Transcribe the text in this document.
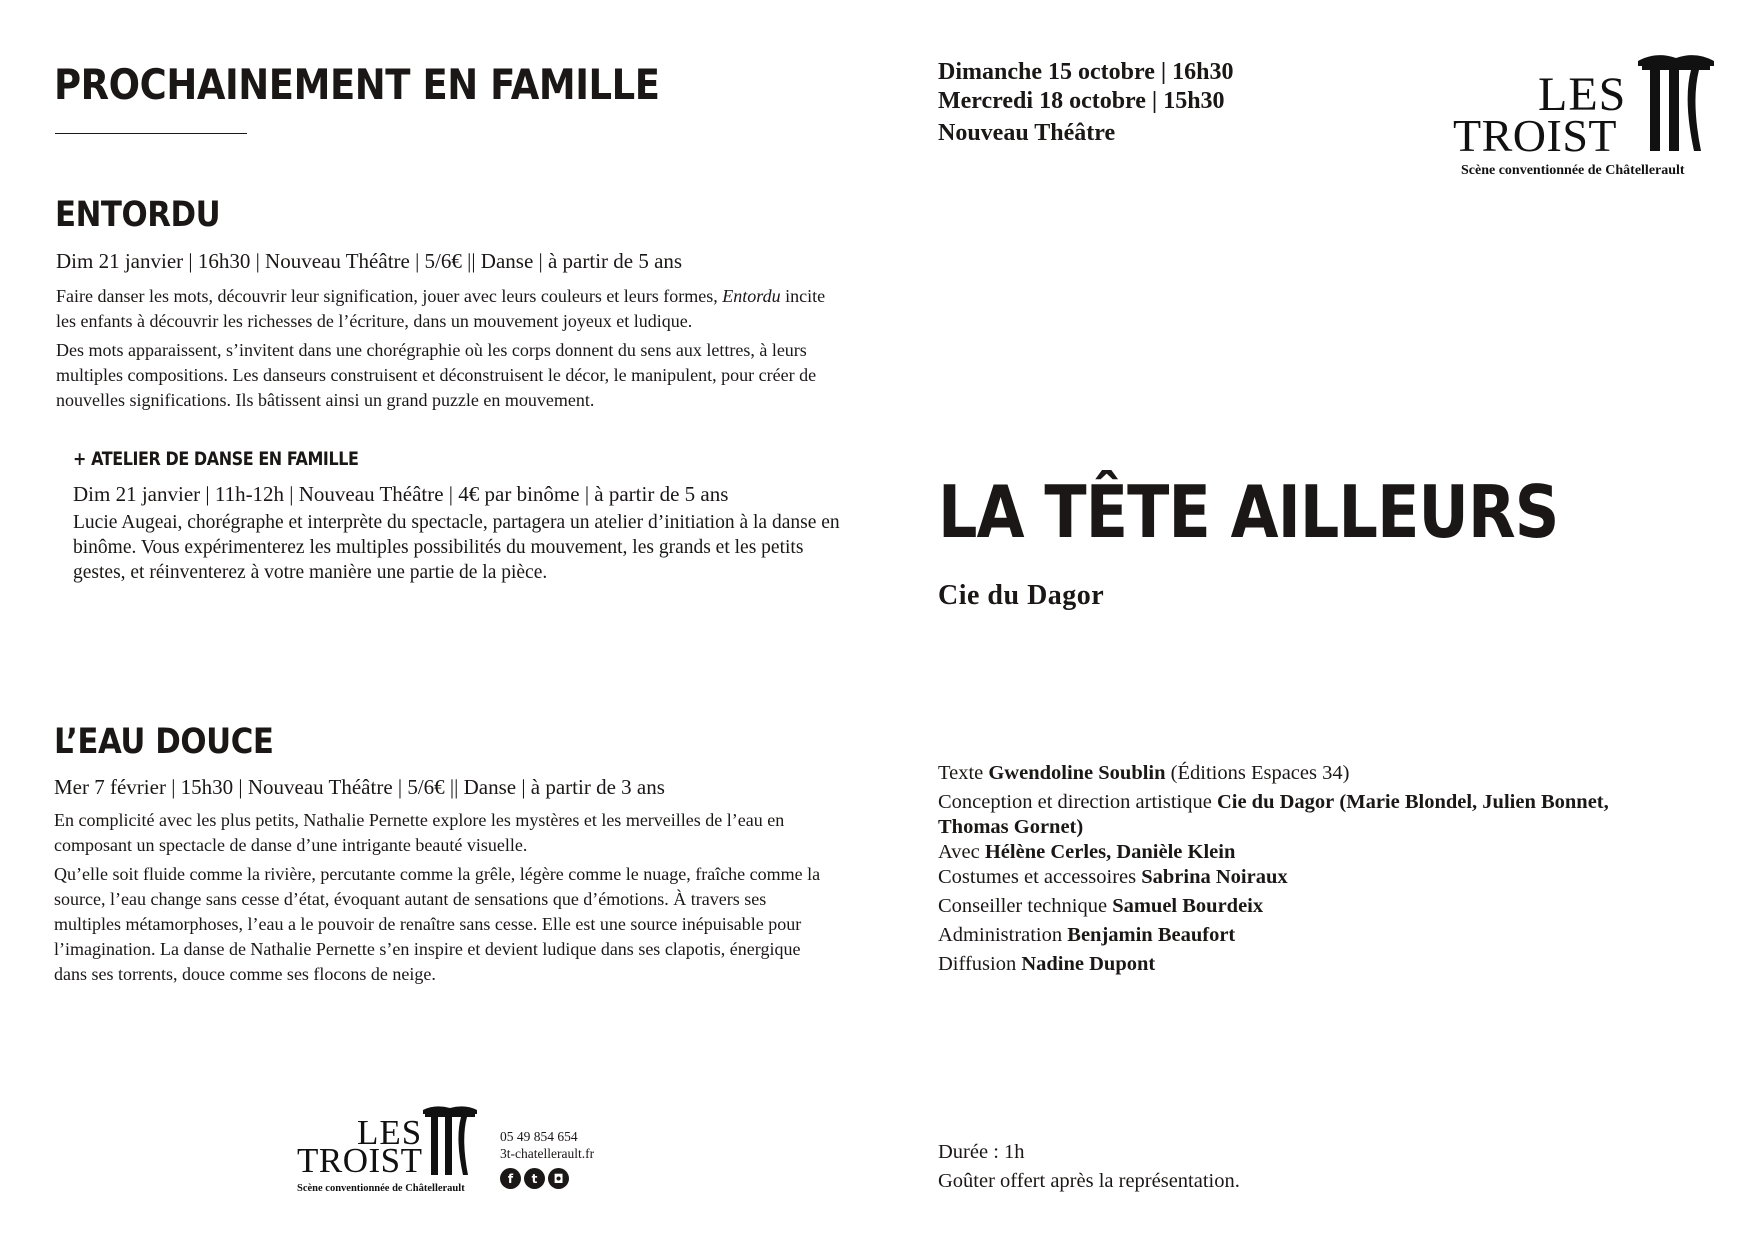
PROCHAINEMENT EN FAMILLE
ENTORDU
Dim 21 janvier | 16h30 | Nouveau Théâtre | 5/6€ || Danse | à partir de 5 ans

Faire danser les mots, découvrir leur signification, jouer avec leurs couleurs et leurs formes, Entordu incite les enfants à découvrir les richesses de l’écriture, dans un mouvement joyeux et ludique.

Des mots apparaissent, s’invitent dans une chorégraphie où les corps donnent du sens aux lettres, à leurs multiples compositions. Les danseurs construisent et déconstruisent le décor, le manipulent, pour créer de nouvelles significations. Ils bâtissent ainsi un grand puzzle en mouvement.

+ ATELIER DE DANSE EN FAMILLE
Dim 21 janvier | 11h-12h | Nouveau Théâtre | 4€ par binôme | à partir de 5 ans
Lucie Augeai, chorégraphe et interprète du spectacle, partagera un atelier d’initiation à la danse en binôme. Vous expérimenterez les multiples possibilités du mouvement, les grands et les petits gestes, et réinventerez à votre manière une partie de la pièce.
L’EAU DOUCE
Mer 7 février | 15h30 | Nouveau Théâtre | 5/6€ || Danse | à partir de 3 ans

En complicité avec les plus petits, Nathalie Pernette explore les mystères et les merveilles de l’eau en composant un spectacle de danse d’une intrigante beauté visuelle.

Qu’elle soit fluide comme la rivière, percutante comme la grêle, légère comme le nuage, fraîche comme la source, l’eau change sans cesse d’état, évoquant autant de sensations que d’émotions. À travers ses multiples métamorphoses, l’eau a le pouvoir de renaître sans cesse. Elle est une source inépuisable pour l’imagination. La danse de Nathalie Pernette s’en inspire et devient ludique dans ses clapotis, énergique dans ses torrents, douce comme ses flocons de neige.

LES
TROIST
Scène conventionnée de Châtellerault
05 49 854 654
3t-chatellerault.fr
f	t	◘
Dimanche 15 octobre | 16h30
Mercredi 18 octobre | 15h30
Nouveau Théâtre
LES
TROIST
Scène conventionnée de Châtellerault
LA TÊTE AILLEURS
Cie du Dagor

Texte Gwendoline Soublin (Éditions Espaces 34)

Conception et direction artistique Cie du Dagor (Marie Blondel, Julien Bonnet, Thomas Gornet)

Avec Hélène Cerles, Danièle Klein

Costumes et accessoires Sabrina Noiraux

Conseiller technique Samuel Bourdeix

Administration Benjamin Beaufort

Diffusion Nadine Dupont

Durée : 1h
Goûter offert après la représentation.
